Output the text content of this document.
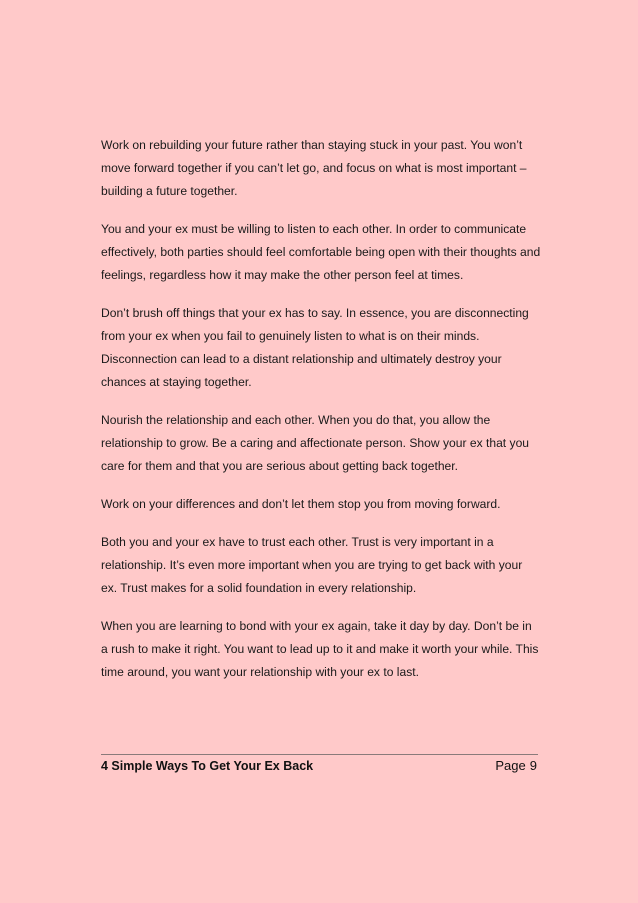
Work on rebuilding your future rather than staying stuck in your past. You won’t move forward together if you can’t let go, and focus on what is most important – building a future together.

You and your ex must be willing to listen to each other. In order to communicate effectively, both parties should feel comfortable being open with their thoughts and feelings, regardless how it may make the other person feel at times.

Don’t brush off things that your ex has to say. In essence, you are disconnecting from your ex when you fail to genuinely listen to what is on their minds. Disconnection can lead to a distant relationship and ultimately destroy your chances at staying together.

Nourish the relationship and each other. When you do that, you allow the relationship to grow. Be a caring and affectionate person. Show your ex that you care for them and that you are serious about getting back together.

Work on your differences and don’t let them stop you from moving forward.

Both you and your ex have to trust each other. Trust is very important in a relationship. It’s even more important when you are trying to get back with your ex. Trust makes for a solid foundation in every relationship.

When you are learning to bond with your ex again, take it day by day. Don’t be in a rush to make it right. You want to lead up to it and make it worth your while. This time around, you want your relationship with your ex to last.

4 Simple Ways To Get Your Ex Back	Page 9
